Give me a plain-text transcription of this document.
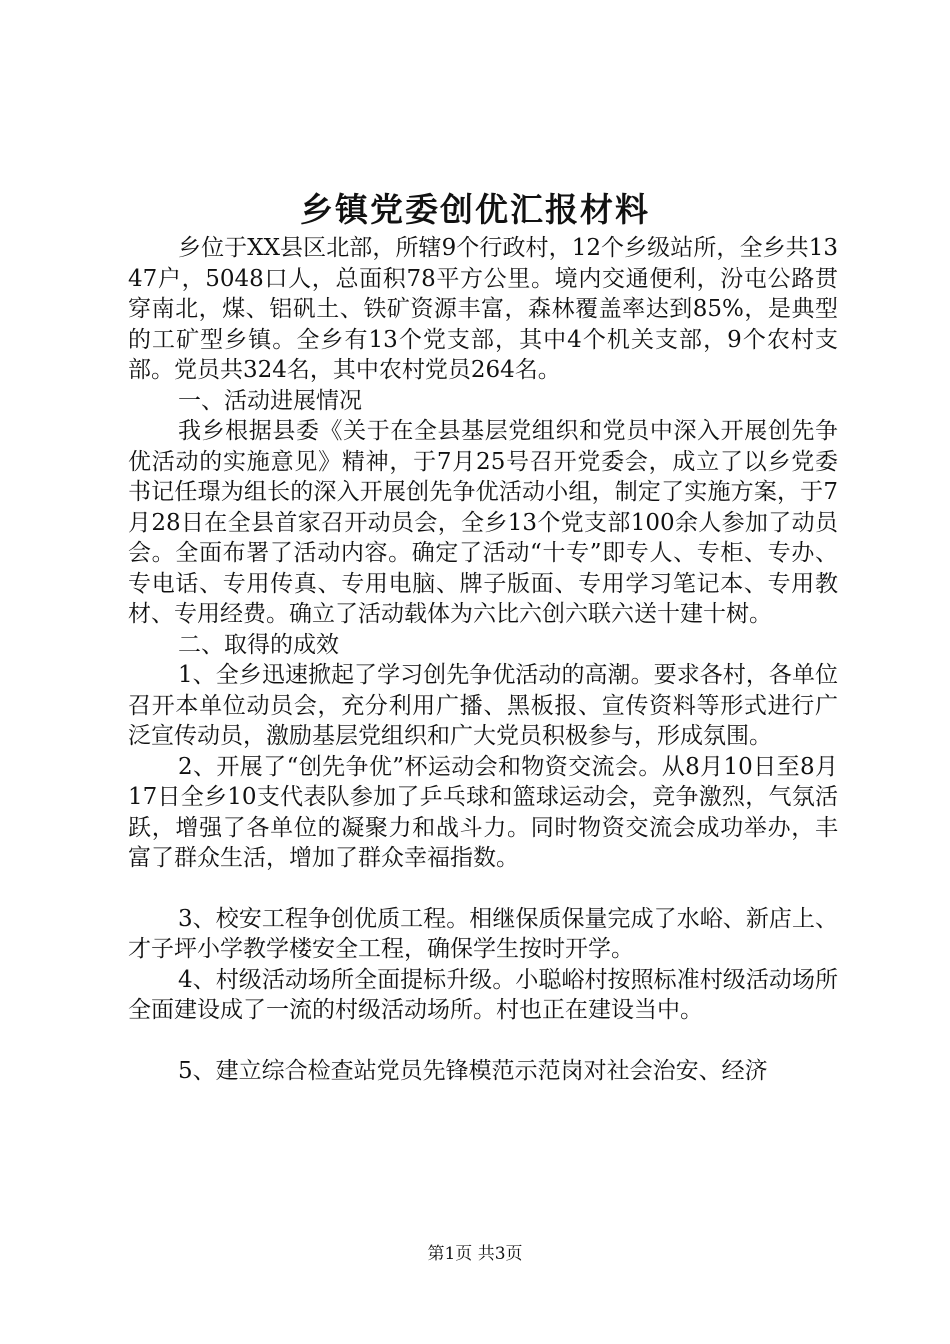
乡镇党委创优汇报材料

乡位于XX县区北部，所辖9个行政村，12个乡级站所，全乡共1347户，5048口人，总面积78平方公里。境内交通便利，汾屯公路贯穿南北，煤、铝矾土、铁矿资源丰富，森林覆盖率达到85%，是典型的工矿型乡镇。全乡有13个党支部，其中4个机关支部，9个农村支部。党员共324名，其中农村党员264名。

一、活动进展情况

我乡根据县委《关于在全县基层党组织和党员中深入开展创先争优活动的实施意见》精神，于7月25号召开党委会，成立了以乡党委书记任璟为组长的深入开展创先争优活动小组，制定了实施方案，于7月28日在全县首家召开动员会，全乡13个党支部100余人参加了动员会。全面布署了活动内容。确定了活动“十专”即专人、专柜、专办、专电话、专用传真、专用电脑、牌子版面、专用学习笔记本、专用教材、专用经费。确立了活动载体为六比六创六联六送十建十树。

二、取得的成效

1、全乡迅速掀起了学习创先争优活动的高潮。要求各村，各单位召开本单位动员会，充分利用广播、黑板报、宣传资料等形式进行广泛宣传动员，激励基层党组织和广大党员积极参与，形成氛围。

2、开展了“创先争优”杯运动会和物资交流会。从8月10日至8月17日全乡10支代表队参加了乒乓球和篮球运动会，竞争激烈，气氛活跃，增强了各单位的凝聚力和战斗力。同时物资交流会成功举办，丰富了群众生活，增加了群众幸福指数。

3、校安工程争创优质工程。相继保质保量完成了水峪、新店上、才子坪小学教学楼安全工程，确保学生按时开学。

4、村级活动场所全面提标升级。小聪峪村按照标准村级活动场所全面建设成了一流的村级活动场所。村也正在建设当中。

5、建立综合检查站党员先锋模范示范岗对社会治安、经济

第1页 共3页
